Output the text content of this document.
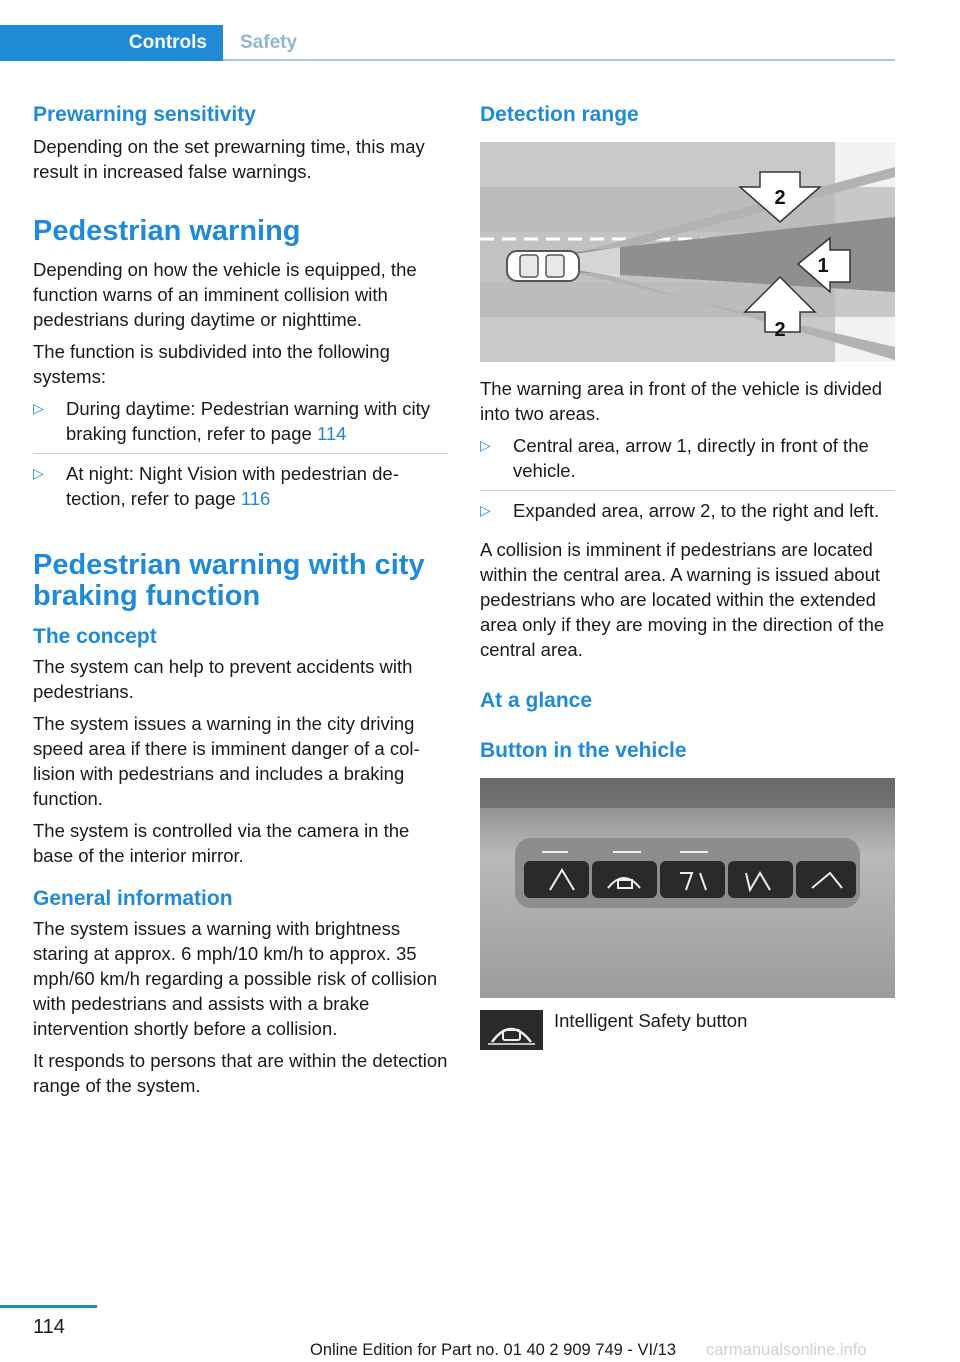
Controls	Safety
Prewarning sensitivity

Depending on the set prewarning time, this may result in increased false warnings.

Pedestrian warning

Depending on how the vehicle is equipped, the function warns of an imminent collision with pedestrians during daytime or nighttime.

The function is subdivided into the following systems:

▷ During daytime: Pedestrian warning with city braking function, refer to page 114
▷ At night: Night Vision with pedestrian detection, refer to page 116
Pedestrian warning with city braking function
The concept

The system can help to prevent accidents with pedestrians.

The system issues a warning in the city driving speed area if there is imminent danger of a collision with pedestrians and includes a braking function.

The system is controlled via the camera in the base of the interior mirror.

General information

The system issues a warning with brightness staring at approx. 6 mph/10 km/h to approx. 35 mph/60 km/h regarding a possible risk of collision with pedestrians and assists with a brake intervention shortly before a collision.

It responds to persons that are within the detection range of the system.

Detection range
2
1
2

The warning area in front of the vehicle is divided into two areas.

▷ Central area, arrow 1, directly in front of the vehicle.
▷ Expanded area, arrow 2, to the right and left.

A collision is imminent if pedestrians are located within the central area. A warning is issued about pedestrians who are located within the extended area only if they are moving in the direction of the central area.

At a glance
Button in the vehicle
Intelligent Safety button
114
Online Edition for Part no. 01 40 2 909 749 - VI/13 carmanualsonline.info
